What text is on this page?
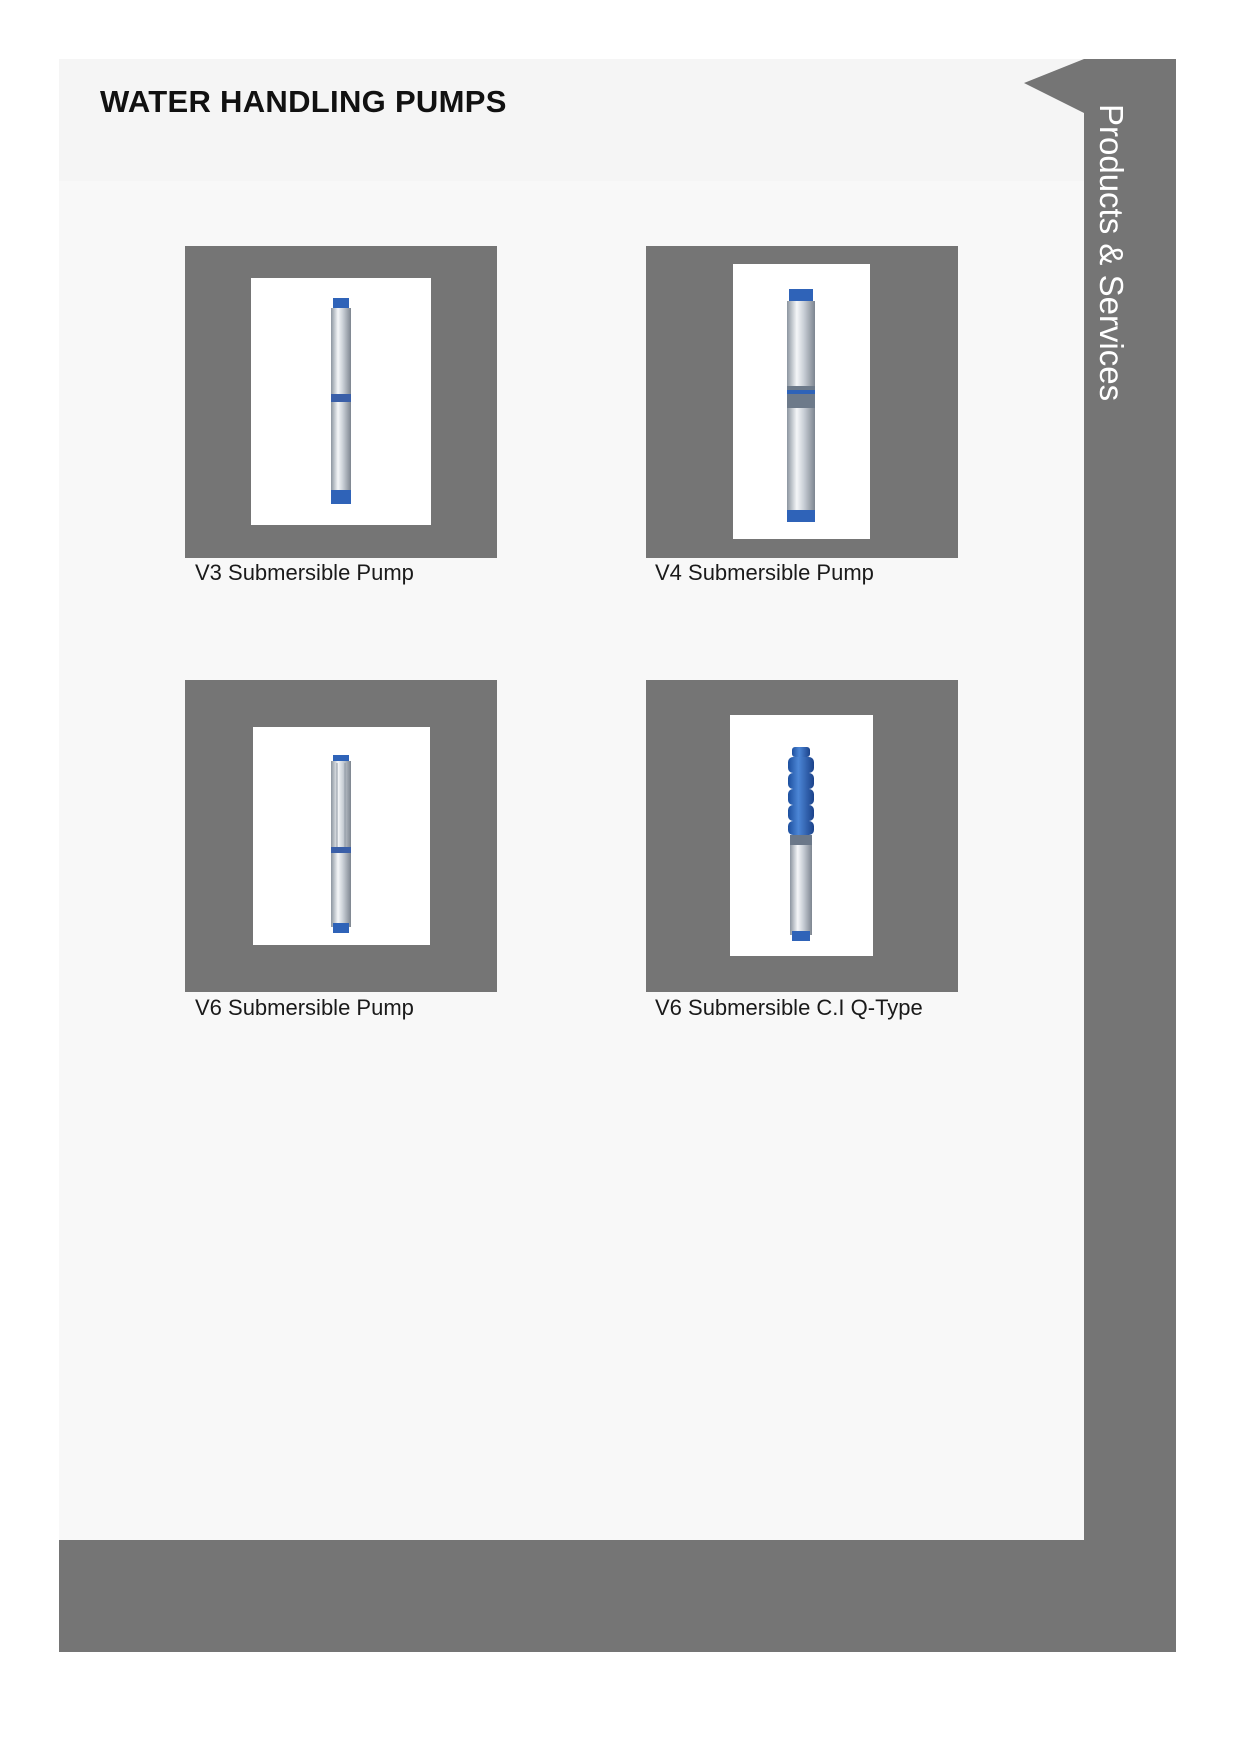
WATER HANDLING PUMPS
Products & Services
V3 Submersible Pump	V4 Submersible Pump
V6 Submersible Pump	V6 Submersible C.I Q-Type
